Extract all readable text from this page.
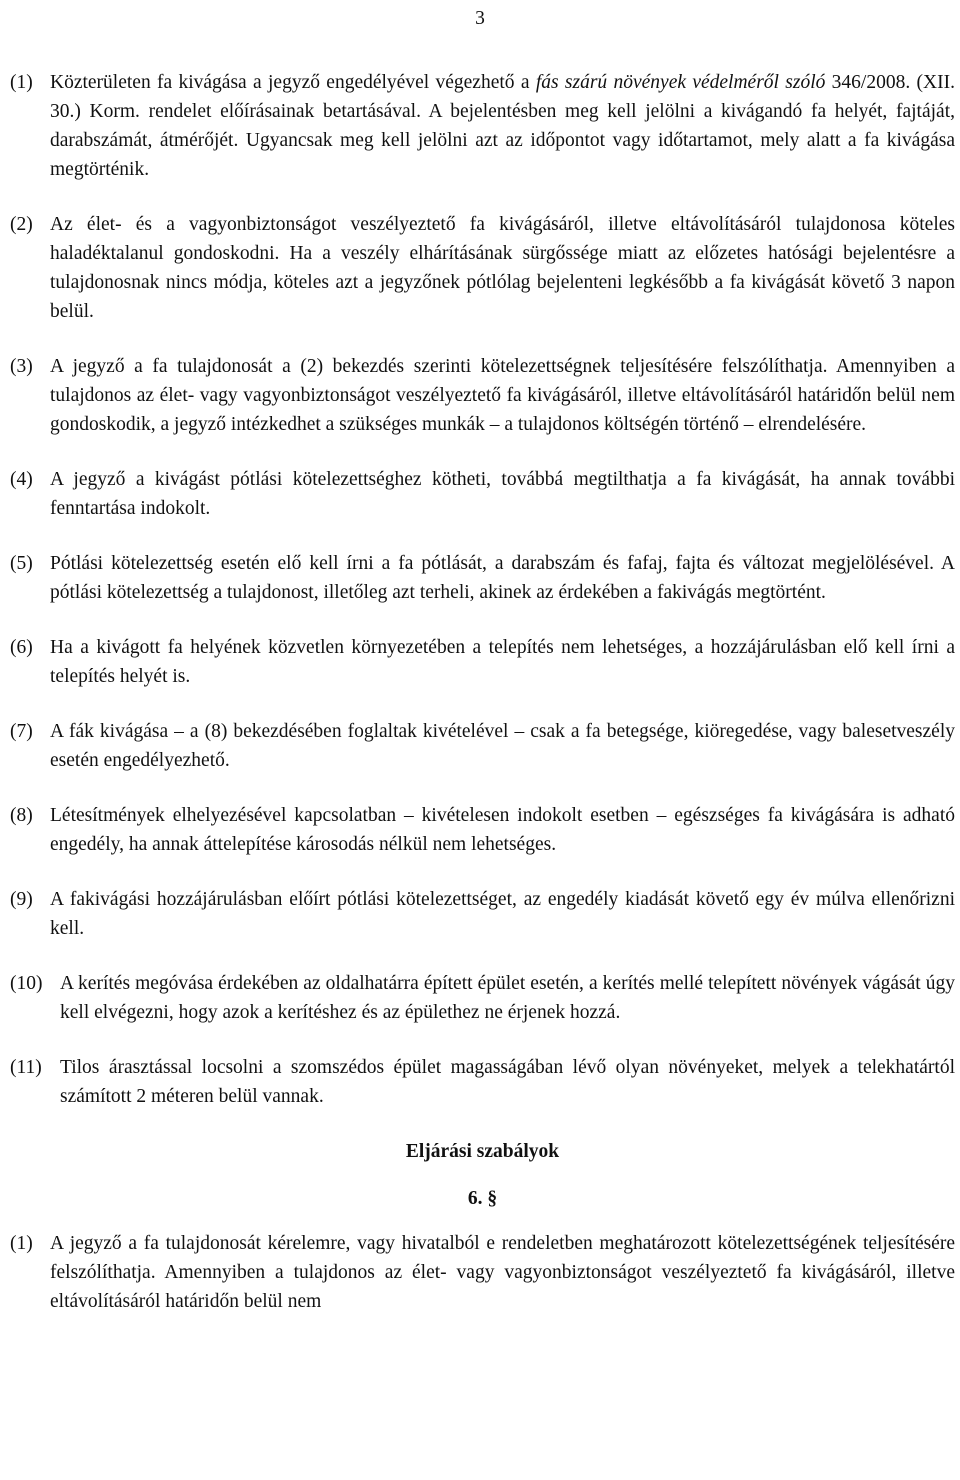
3
(1) Közterületen fa kivágása a jegyző engedélyével végezhető a fás szárú növények védelméről szóló 346/2008. (XII. 30.) Korm. rendelet előírásainak betartásával. A bejelentésben meg kell jelölni a kivágandó fa helyét, fajtáját, darabszámát, átmérőjét. Ugyancsak meg kell jelölni azt az időpontot vagy időtartamot, mely alatt a fa kivágása megtörténik.
(2) Az élet- és a vagyonbiztonságot veszélyeztető fa kivágásáról, illetve eltávolításáról tulajdonosa köteles haladéktalanul gondoskodni. Ha a veszély elhárításának sürgőssége miatt az előzetes hatósági bejelentésre a tulajdonosnak nincs módja, köteles azt a jegyzőnek pótlólag bejelenteni legkésőbb a fa kivágását követő 3 napon belül.
(3) A jegyző a fa tulajdonosát a (2) bekezdés szerinti kötelezettségnek teljesítésére felszólíthatja. Amennyiben a tulajdonos az élet- vagy vagyonbiztonságot veszélyeztető fa kivágásáról, illetve eltávolításáról határidőn belül nem gondoskodik, a jegyző intézkedhet a szükséges munkák – a tulajdonos költségén történő – elrendelésére.
(4) A jegyző a kivágást pótlási kötelezettséghez kötheti, továbbá megtilthatja a fa kivágását, ha annak további fenntartása indokolt.
(5) Pótlási kötelezettség esetén elő kell írni a fa pótlását, a darabszám és fafaj, fajta és változat megjelölésével. A pótlási kötelezettség a tulajdonost, illetőleg azt terheli, akinek az érdekében a fakivágás megtörtént.
(6) Ha a kivágott fa helyének közvetlen környezetében a telepítés nem lehetséges, a hozzájárulásban elő kell írni a telepítés helyét is.
(7) A fák kivágása – a (8) bekezdésében foglaltak kivételével – csak a fa betegsége, kiöregedése, vagy balesetveszély esetén engedélyezhető.
(8) Létesítmények elhelyezésével kapcsolatban – kivételesen indokolt esetben – egészséges fa kivágására is adható engedély, ha annak áttelepítése károsodás nélkül nem lehetséges.
(9) A fakivágási hozzájárulásban előírt pótlási kötelezettséget, az engedély kiadását követő egy év múlva ellenőrizni kell.
(10) A kerítés megóvása érdekében az oldalhatárra épített épület esetén, a kerítés mellé telepített növények vágását úgy kell elvégezni, hogy azok a kerítéshez és az épülethez ne érjenek hozzá.
(11) Tilos árasztással locsolni a szomszédos épület magasságában lévő olyan növényeket, melyek a telekhatártól számított 2 méteren belül vannak.
Eljárási szabályok
6. §
(1) A jegyző a fa tulajdonosát kérelemre, vagy hivatalból e rendeletben meghatározott kötelezettségének teljesítésére felszólíthatja. Amennyiben a tulajdonos az élet- vagy vagyonbiztonságot veszélyeztető fa kivágásáról, illetve eltávolításáról határidőn belül nem
